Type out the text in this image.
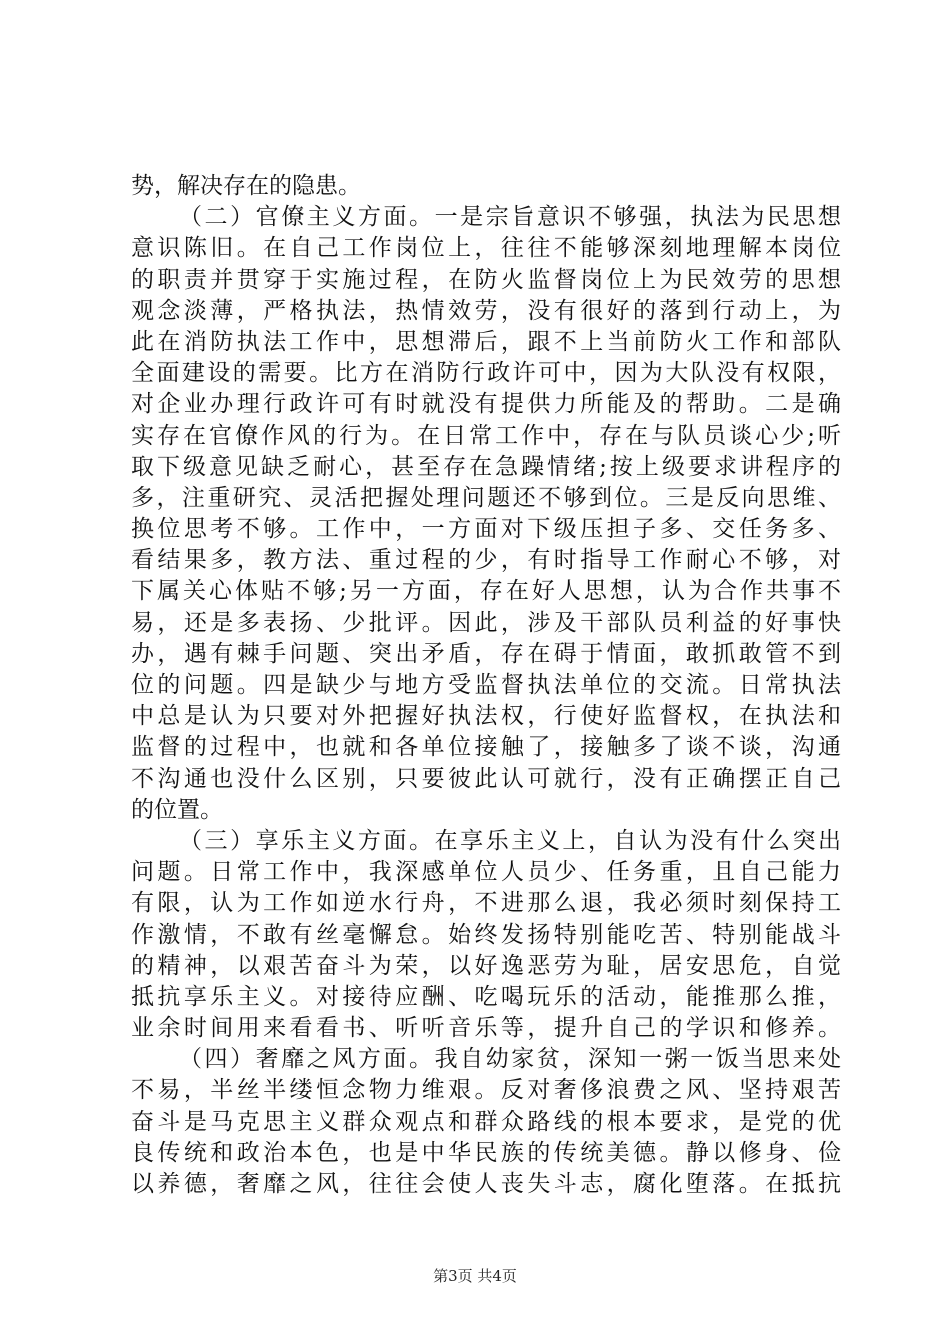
势，解决存在的隐患。
（二）官僚主义方面。一是宗旨意识不够强，执法为民思想
意识陈旧。在自己工作岗位上，往往不能够深刻地理解本岗位
的职责并贯穿于实施过程，在防火监督岗位上为民效劳的思想
观念淡薄，严格执法，热情效劳，没有很好的落到行动上，为
此在消防执法工作中，思想滞后，跟不上当前防火工作和部队
全面建设的需要。比方在消防行政许可中，因为大队没有权限，
对企业办理行政许可有时就没有提供力所能及的帮助。二是确
实存在官僚作风的行为。在日常工作中，存在与队员谈心少;听
取下级意见缺乏耐心，甚至存在急躁情绪;按上级要求讲程序的
多，注重研究、灵活把握处理问题还不够到位。三是反向思维、
换位思考不够。工作中，一方面对下级压担子多、交任务多、
看结果多，教方法、重过程的少，有时指导工作耐心不够，对
下属关心体贴不够;另一方面，存在好人思想，认为合作共事不
易，还是多表扬、少批评。因此，涉及干部队员利益的好事快
办，遇有棘手问题、突出矛盾，存在碍于情面，敢抓敢管不到
位的问题。四是缺少与地方受监督执法单位的交流。日常执法
中总是认为只要对外把握好执法权，行使好监督权，在执法和
监督的过程中，也就和各单位接触了，接触多了谈不谈，沟通
不沟通也没什么区别，只要彼此认可就行，没有正确摆正自己
的位置。
（三）享乐主义方面。在享乐主义上，自认为没有什么突出
问题。日常工作中，我深感单位人员少、任务重，且自己能力
有限，认为工作如逆水行舟，不进那么退，我必须时刻保持工
作激情，不敢有丝毫懈怠。始终发扬特别能吃苦、特别能战斗
的精神，以艰苦奋斗为荣，以好逸恶劳为耻，居安思危，自觉
抵抗享乐主义。对接待应酬、吃喝玩乐的活动，能推那么推，
业余时间用来看看书、听听音乐等，提升自己的学识和修养。
（四）奢靡之风方面。我自幼家贫，深知一粥一饭当思来处
不易，半丝半缕恒念物力维艰。反对奢侈浪费之风、坚持艰苦
奋斗是马克思主义群众观点和群众路线的根本要求，是党的优
良传统和政治本色，也是中华民族的传统美德。静以修身、俭
以养德，奢靡之风，往往会使人丧失斗志，腐化堕落。在抵抗
第3页 共4页
